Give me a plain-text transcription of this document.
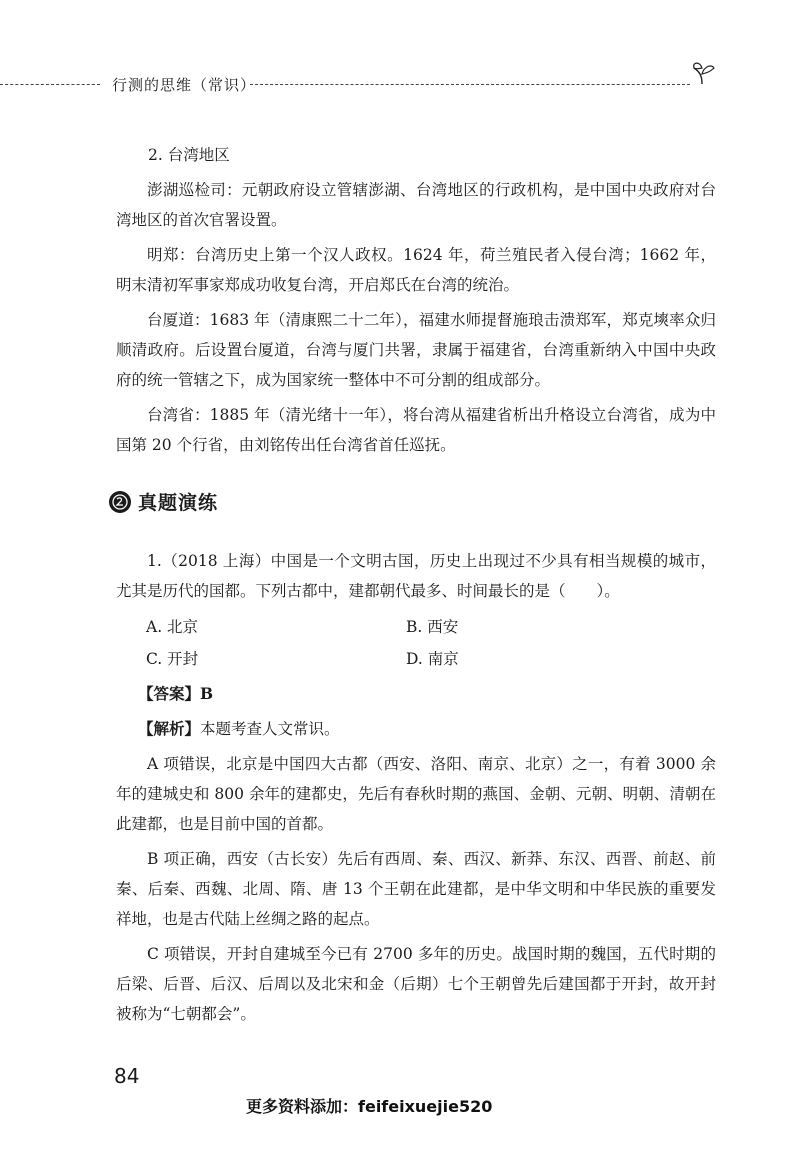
行测的思维（常识）
2. 台湾地区

澎湖巡检司：元朝政府设立管辖澎湖、台湾地区的行政机构，是中国中央政府对台湾地区的首次官署设置。

明郑：台湾历史上第一个汉人政权。1624 年，荷兰殖民者入侵台湾；1662 年，明末清初军事家郑成功收复台湾，开启郑氏在台湾的统治。

台厦道：1683 年（清康熙二十二年），福建水师提督施琅击溃郑军，郑克塽率众归顺清政府。后设置台厦道，台湾与厦门共署，隶属于福建省，台湾重新纳入中国中央政府的统一管辖之下，成为国家统一整体中不可分割的组成部分。

台湾省：1885 年（清光绪十一年），将台湾从福建省析出升格设立台湾省，成为中国第 20 个行省，由刘铭传出任台湾省首任巡抚。

真题演练

1.（2018 上海）中国是一个文明古国，历史上出现过不少具有相当规模的城市，尤其是历代的国都。下列古都中，建都朝代最多、时间最长的是（　　）。

A. 北京	B. 西安
C. 开封	D. 南京
【答案】B
【解析】本题考查人文常识。

A 项错误，北京是中国四大古都（西安、洛阳、南京、北京）之一，有着 3000 余年的建城史和 800 余年的建都史，先后有春秋时期的燕国、金朝、元朝、明朝、清朝在此建都，也是目前中国的首都。

B 项正确，西安（古长安）先后有西周、秦、西汉、新莽、东汉、西晋、前赵、前秦、后秦、西魏、北周、隋、唐 13 个王朝在此建都，是中华文明和中华民族的重要发祥地，也是古代陆上丝绸之路的起点。

C 项错误，开封自建城至今已有 2700 多年的历史。战国时期的魏国，五代时期的后梁、后晋、后汉、后周以及北宋和金（后期）七个王朝曾先后建国都于开封，故开封被称为“七朝都会”。

84
更多资料添加：feifeixuejie520
